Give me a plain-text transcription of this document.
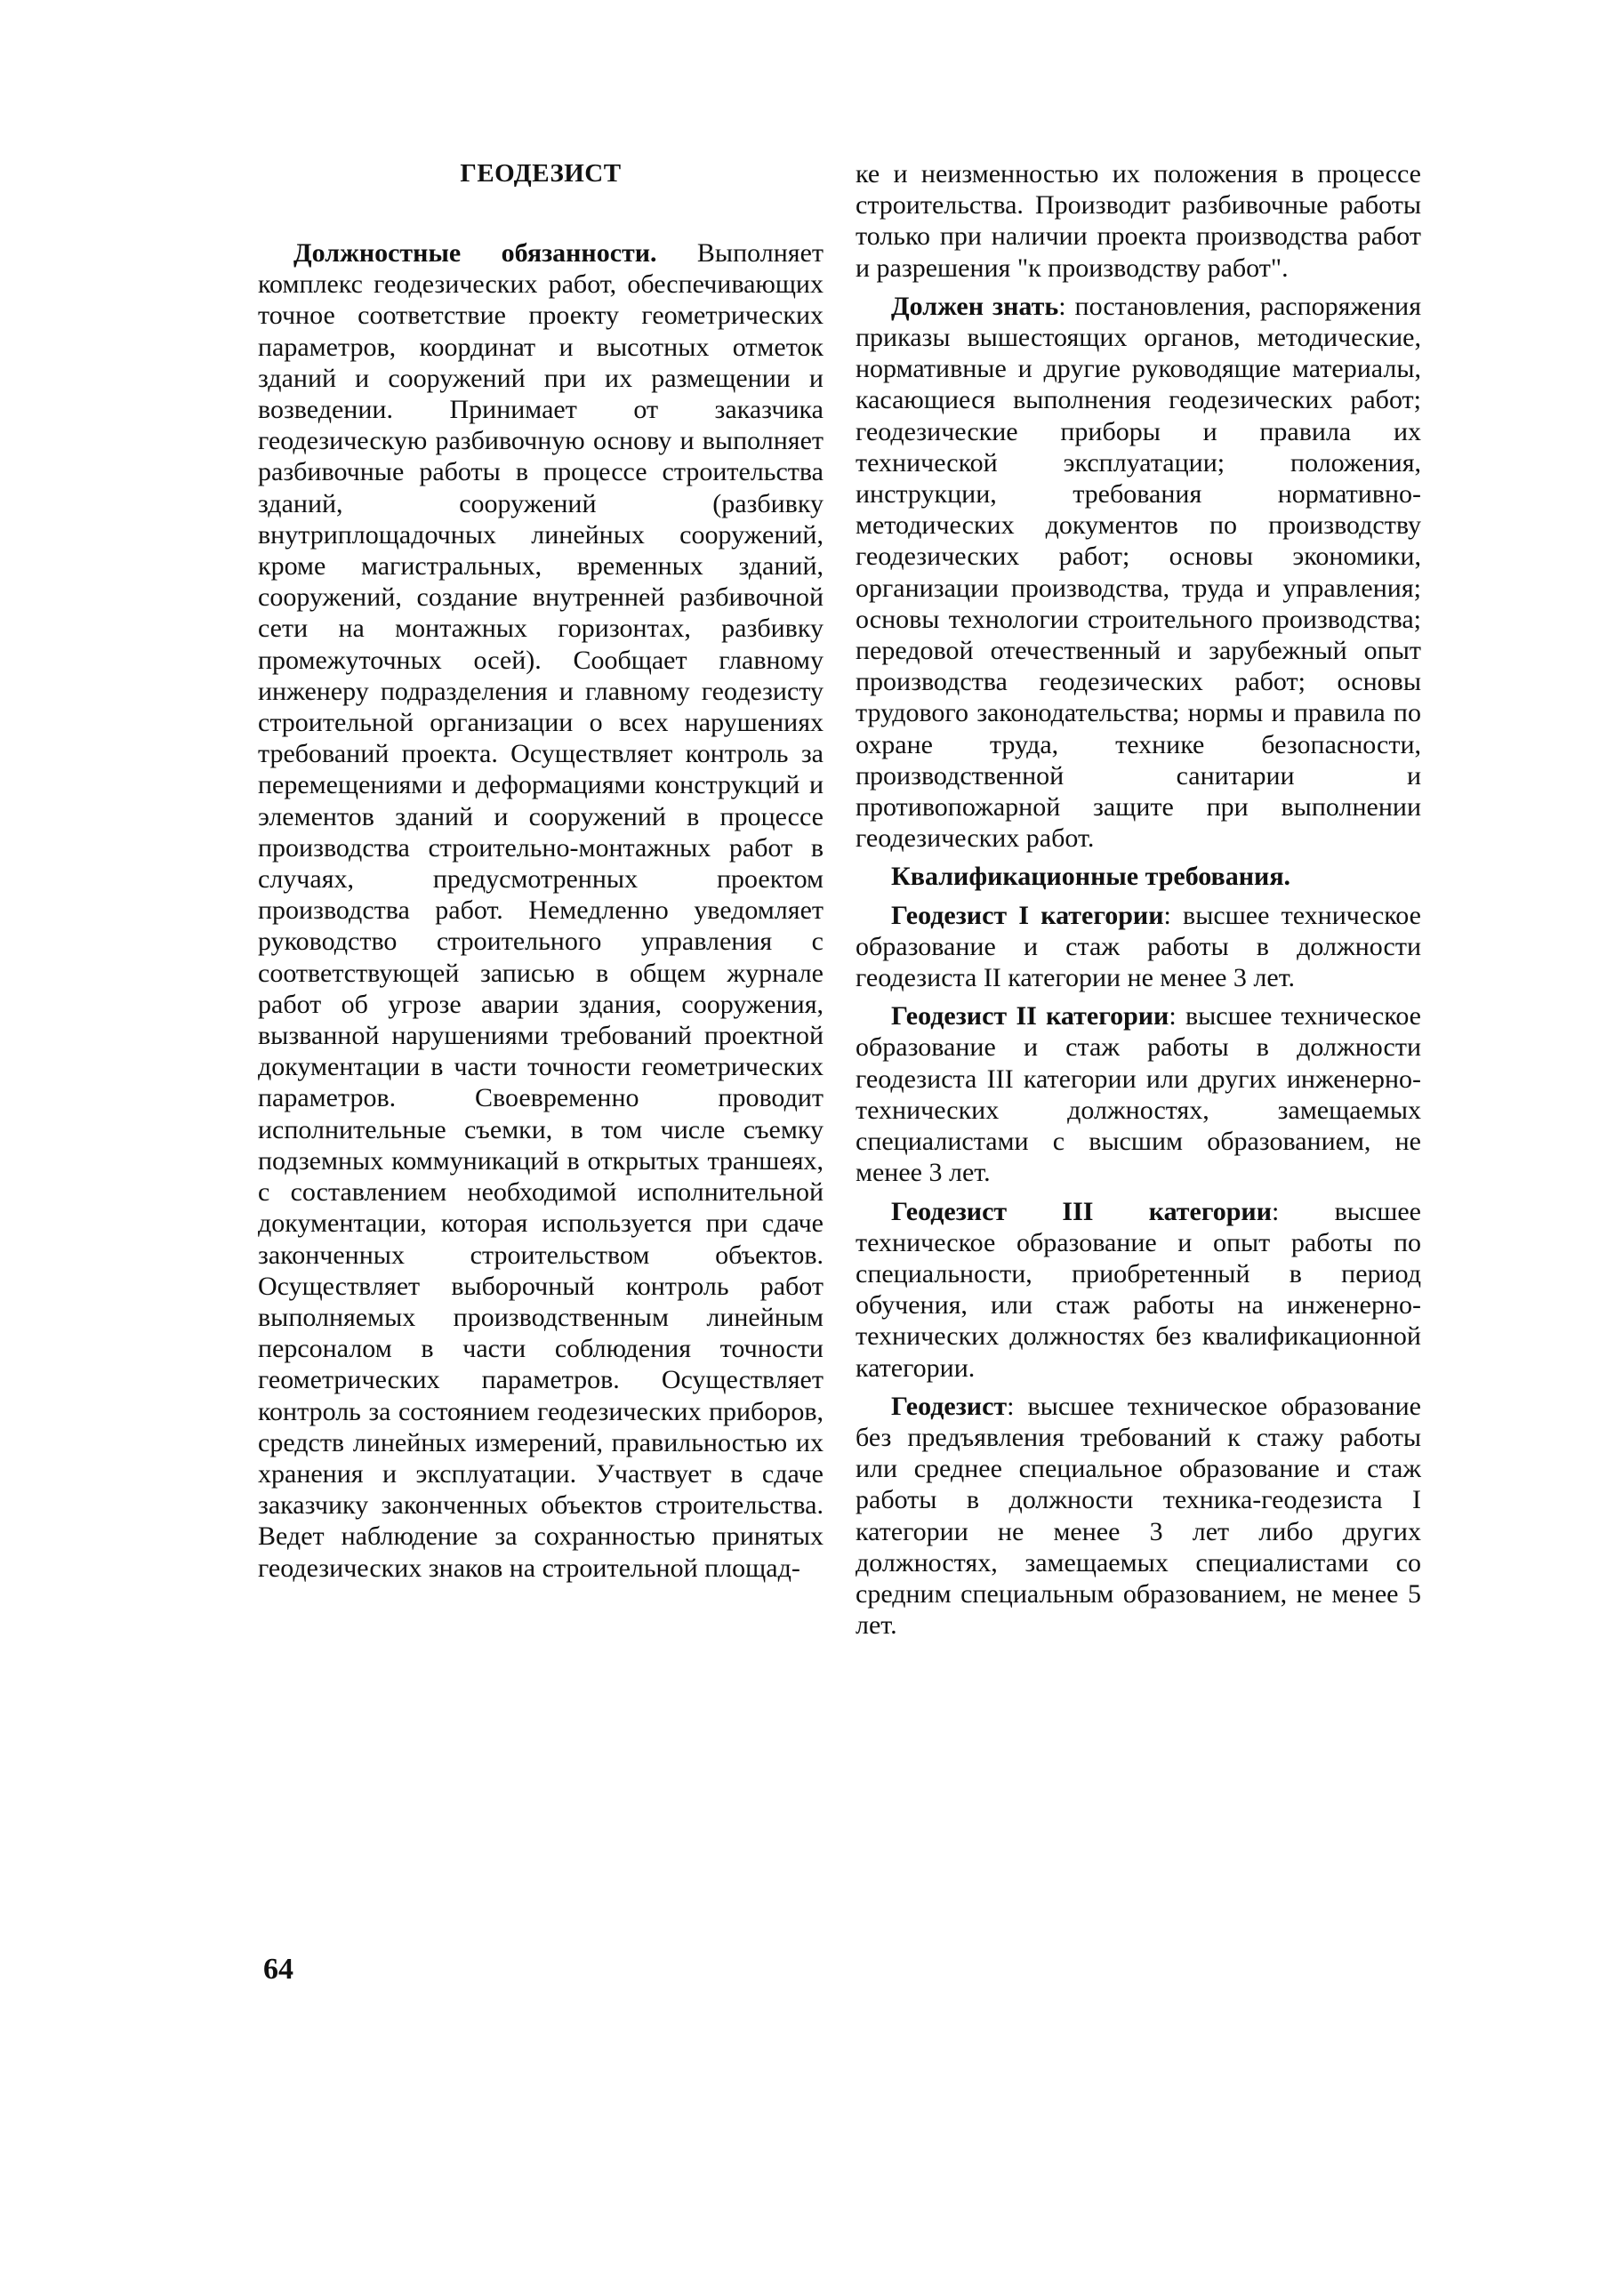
ГЕОДЕЗИСТ

Должностные обязанности. Выполняет комплекс геодезических работ, обеспечивающих точное соответствие проекту геометрических параметров, координат и высотных отметок зданий и сооружений при их размещении и возведении. Принимает от заказчика геодезическую разбивочную основу и выполняет разбивочные работы в процессе строительства зданий, сооружений (разбивку внутриплощадочных линейных сооружений, кроме магистральных, временных зданий, сооружений, создание внутренней разбивочной сети на монтажных горизонтах, разбивку промежуточных осей). Сообщает главному инженеру подразделения и главному геодезисту строительной организации о всех нарушениях требований проекта. Осуществляет контроль за перемещениями и деформациями конструкций и элементов зданий и сооружений в процессе производства строительно-монтажных работ в случаях, предусмотренных проектом производства работ. Немедленно уведомляет руководство строительного управления с соответствующей записью в общем журнале работ об угрозе аварии здания, сооружения, вызванной нарушениями требований проектной документации в части точности геометрических параметров. Своевременно проводит исполнительные съемки, в том числе съемку подземных коммуникаций в открытых траншеях, с составлением необходимой исполнительной документации, которая используется при сдаче законченных строительством объектов. Осуществляет выборочный контроль работ выполняемых производственным линейным персоналом в части соблюдения точности геометрических параметров. Осуществляет контроль за состоянием геодезических приборов, средств линейных измерений, правильностью их хранения и эксплуатации. Участвует в сдаче заказчику законченных объектов строительства. Ведет наблюдение за сохранностью принятых геодезических знаков на строительной площад-

ке и неизменностью их положения в процессе строительства. Производит разбивочные работы только при наличии проекта производства работ и разрешения "к производству работ".

Должен знать: постановления, распоряжения приказы вышестоящих органов, методические, нормативные и другие руководящие материалы, касающиеся выполнения геодезических работ; геодезические приборы и правила их технической эксплуатации; положения, инструкции, требования нормативно-методических документов по производству геодезических работ; основы экономики, организации производства, труда и управления; основы технологии строительного производства; передовой отечественный и зарубежный опыт производства геодезических работ; основы трудового законодательства; нормы и правила по охране труда, технике безопасности, производственной санитарии и противопожарной защите при выполнении геодезических работ.

Квалификационные требования.

Геодезист I категории: высшее техническое образование и стаж работы в должности геодезиста II категории не менее 3 лет.

Геодезист II категории: высшее техническое образование и стаж работы в должности геодезиста III категории или других инженерно-технических должностях, замещаемых специалистами с высшим образованием, не менее 3 лет.

Геодезист III категории: высшее техническое образование и опыт работы по специальности, приобретенный в период обучения, или стаж работы на инженерно-технических должностях без квалификационной категории.

Геодезист: высшее техническое образование без предъявления требований к стажу работы или среднее специальное образование и стаж работы в должности техника-геодезиста I категории не менее 3 лет либо других должностях, замещаемых специалистами со средним специальным образованием, не менее 5 лет.

64
